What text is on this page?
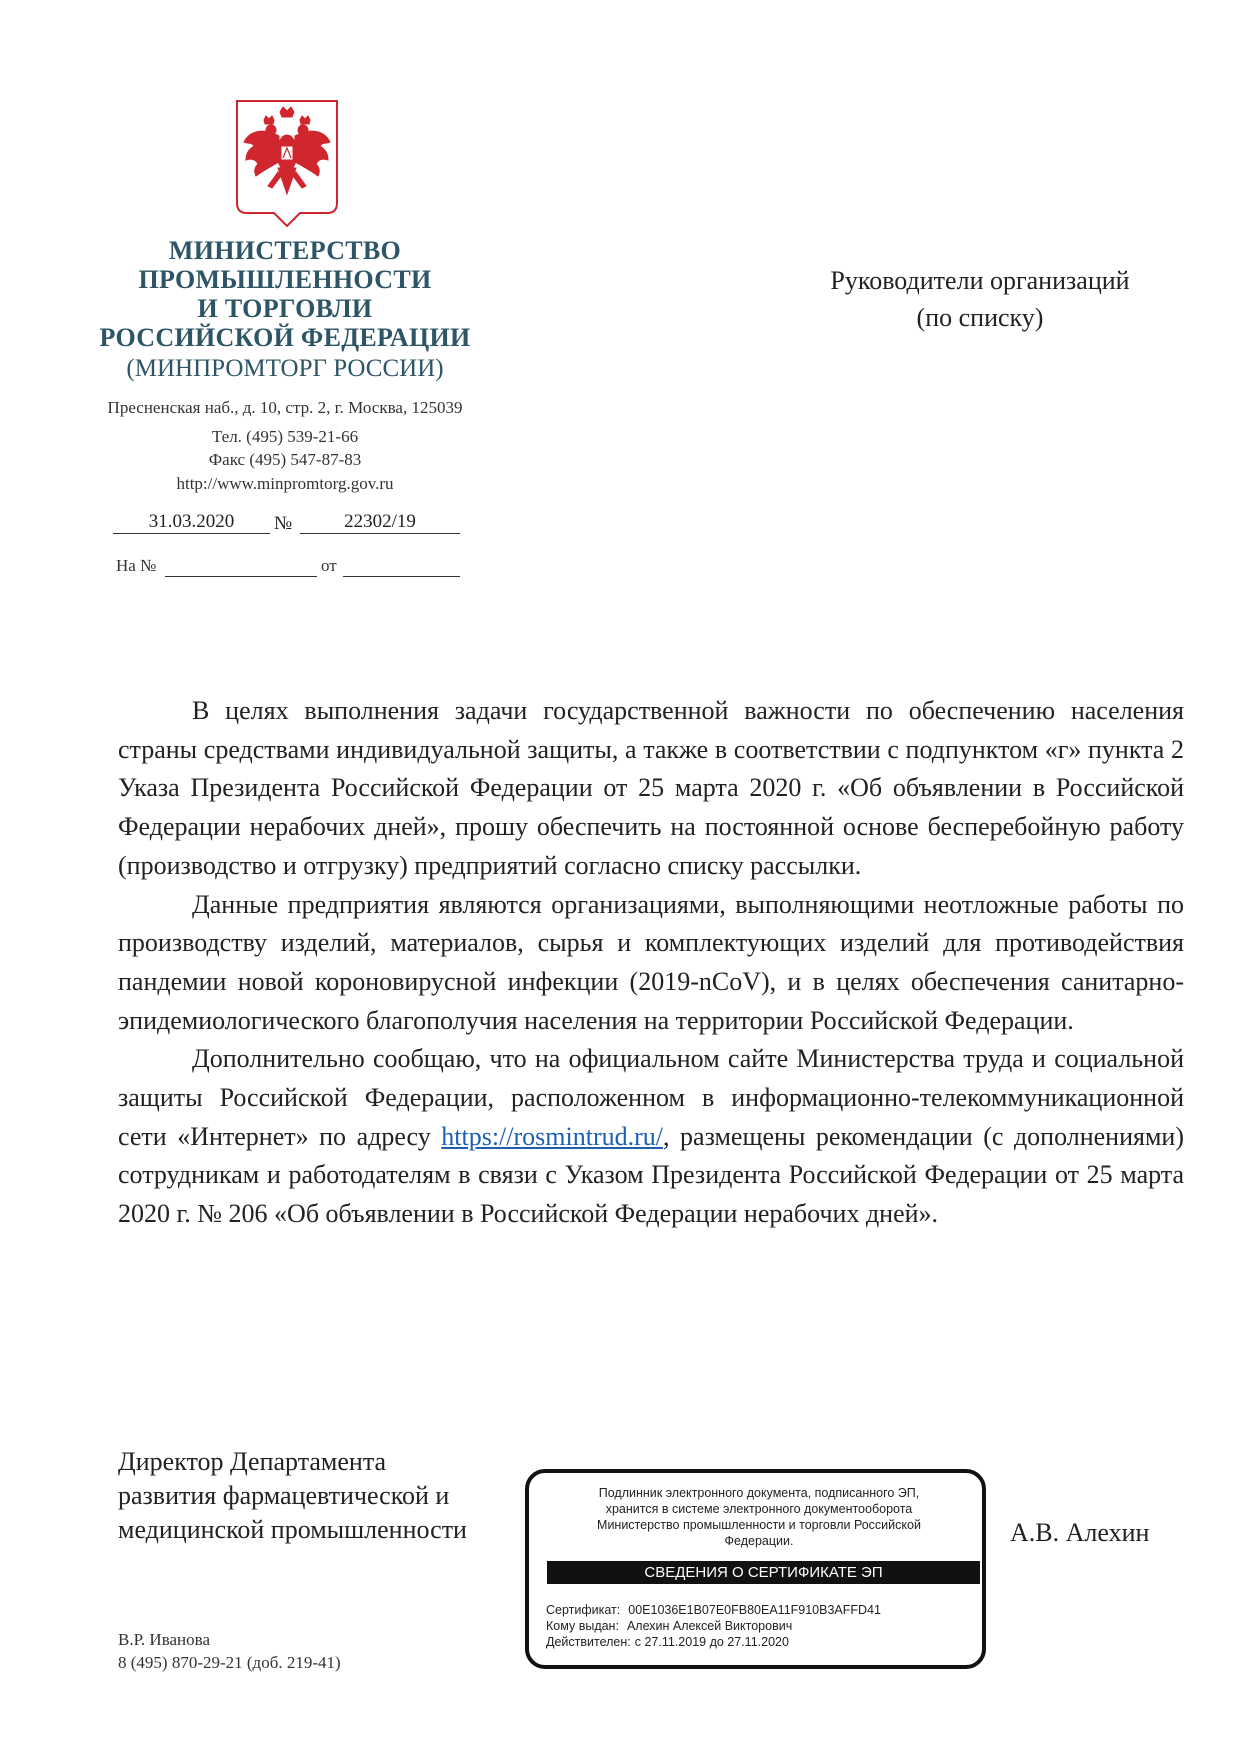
МИНИСТЕРСТВО
ПРОМЫШЛЕННОСТИ
И ТОРГОВЛИ
РОССИЙСКОЙ ФЕДЕРАЦИИ
(МИНПРОМТОРГ РОССИИ)
Пресненская наб., д. 10, стр. 2, г. Москва, 125039
Тел. (495) 539-21-66
Факс (495) 547-87-83
http://www.minpromtorg.gov.ru
31.03.2020	№	22302/19
На №	от
Руководители организаций
(по списку)

В целях выполнения задачи государственной важности по обеспечению населения страны средствами индивидуальной защиты, а также в соответствии с подпунктом «г» пункта 2 Указа Президента Российской Федерации от 25 марта 2020 г. «Об объявлении в Российской Федерации нерабочих дней», прошу обеспечить на постоянной основе бесперебойную работу (производство и отгрузку) предприятий согласно списку рассылки.

Данные предприятия являются организациями, выполняющими неотложные работы по производству изделий, материалов, сырья и комплектующих изделий для противодействия пандемии новой короновирусной инфекции (2019-nCoV), и в целях обеспечения санитарно-эпидемиологического благополучия населения на территории Российской Федерации.

Дополнительно сообщаю, что на официальном сайте Министерства труда и социальной защиты Российской Федерации, расположенном в информационно-телекоммуникационной сети «Интернет» по адресу https://rosmintrud.ru/, размещены рекомендации (с дополнениями) сотрудникам и работодателям в связи с Указом Президента Российской Федерации от 25 марта 2020 г. № 206 «Об объявлении в Российской Федерации нерабочих дней».

Директор Департамента
развития фармацевтической и
медицинской промышленности
Подлинник электронного документа, подписанного ЭП,
хранится в системе электронного документооборота
Министерство промышленности и торговли Российской
Федерации.
СВЕДЕНИЯ О СЕРТИФИКАТЕ ЭП
Сертификат: 00E1036E1B07E0FB80EA11F910B3AFFD41
Кому выдан: Алехин Алексей Викторович
Действителен: с 27.11.2019 до 27.11.2020
А.В. Алехин
В.Р. Иванова
8 (495) 870-29-21 (доб. 219-41)
